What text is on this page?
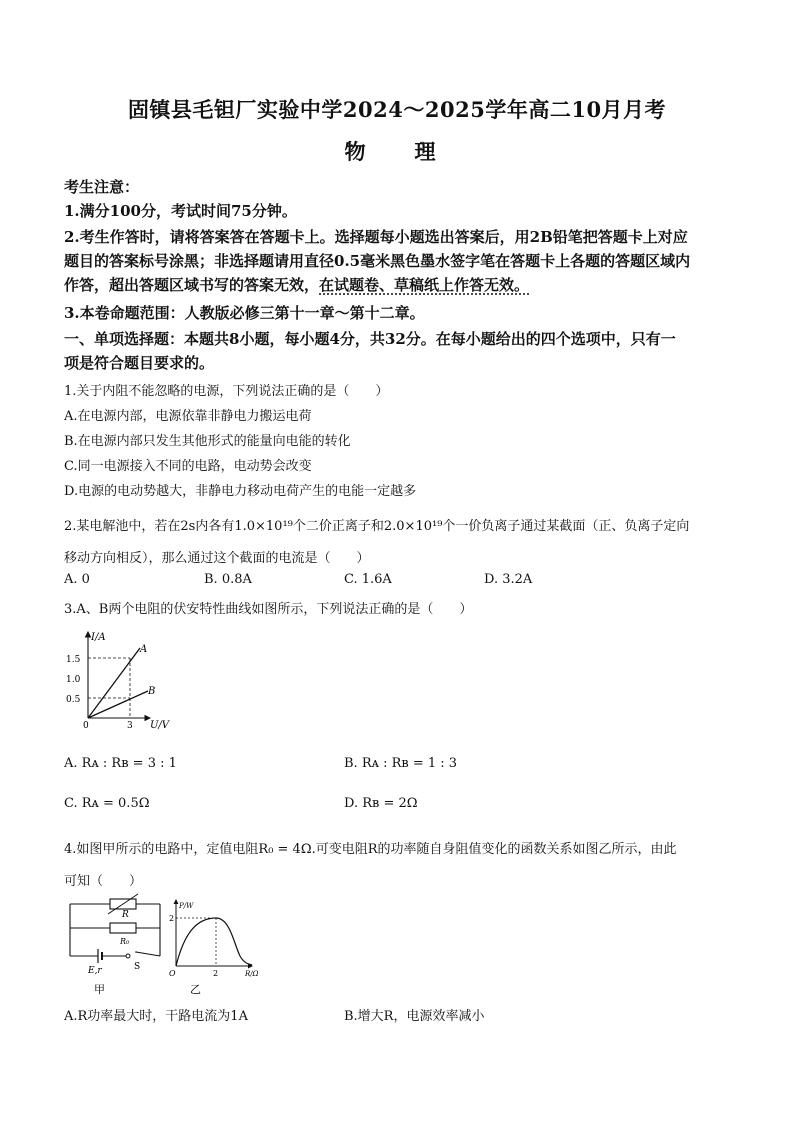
固镇县毛钽厂实验中学2024～2025学年高二10月月考
物　理
考生注意：
1.满分100分，考试时间75分钟。
2.考生作答时，请将答案答在答题卡上。选择题每小题选出答案后，用2B铅笔把答题卡上对应
题目的答案标号涂黑；非选择题请用直径0.5毫米黑色墨水签字笔在答题卡上各题的答题区域内
作答，超出答题区域书写的答案无效，在试题卷、草稿纸上作答无效。
3.本卷命题范围：人教版必修三第十一章～第十二章。
一、单项选择题：本题共8小题，每小题4分，共32分。在每小题给出的四个选项中，只有一
项是符合题目要求的。
1.关于内阻不能忽略的电源，下列说法正确的是（　　）
A.在电源内部，电源依靠非静电力搬运电荷
B.在电源内部只发生其他形式的能量向电能的转化
C.同一电源接入不同的电路，电动势会改变
D.电源的电动势越大，非静电力移动电荷产生的电能一定越多
2.某电解池中，若在2s内各有1.0×10¹⁹个二价正离子和2.0×10¹⁹个一价负离子通过某截面（正、负离子定向
移动方向相反），那么通过这个截面的电流是（　　）
A. 0	B. 0.8A	C. 1.6A	D. 3.2A
3.A、B两个电阻的伏安特性曲线如图所示，下列说法正确的是（　　）
I/A
U/V
1.5
1.0
0.5
0	3
A
B
A. Rᴀ : Rʙ = 3 : 1	B. Rᴀ : Rʙ = 1 : 3
C. Rᴀ = 0.5Ω	D. Rʙ = 2Ω
4.如图甲所示的电路中，定值电阻R₀ = 4Ω.可变电阻R的功率随自身阻值变化的函数关系如图乙所示，由此
可知（　　）
R
R₀
E,r	S
甲
P/W
R/Ω
2
2
O
乙
A.R功率最大时，干路电流为1A	B.增大R，电源效率减小
